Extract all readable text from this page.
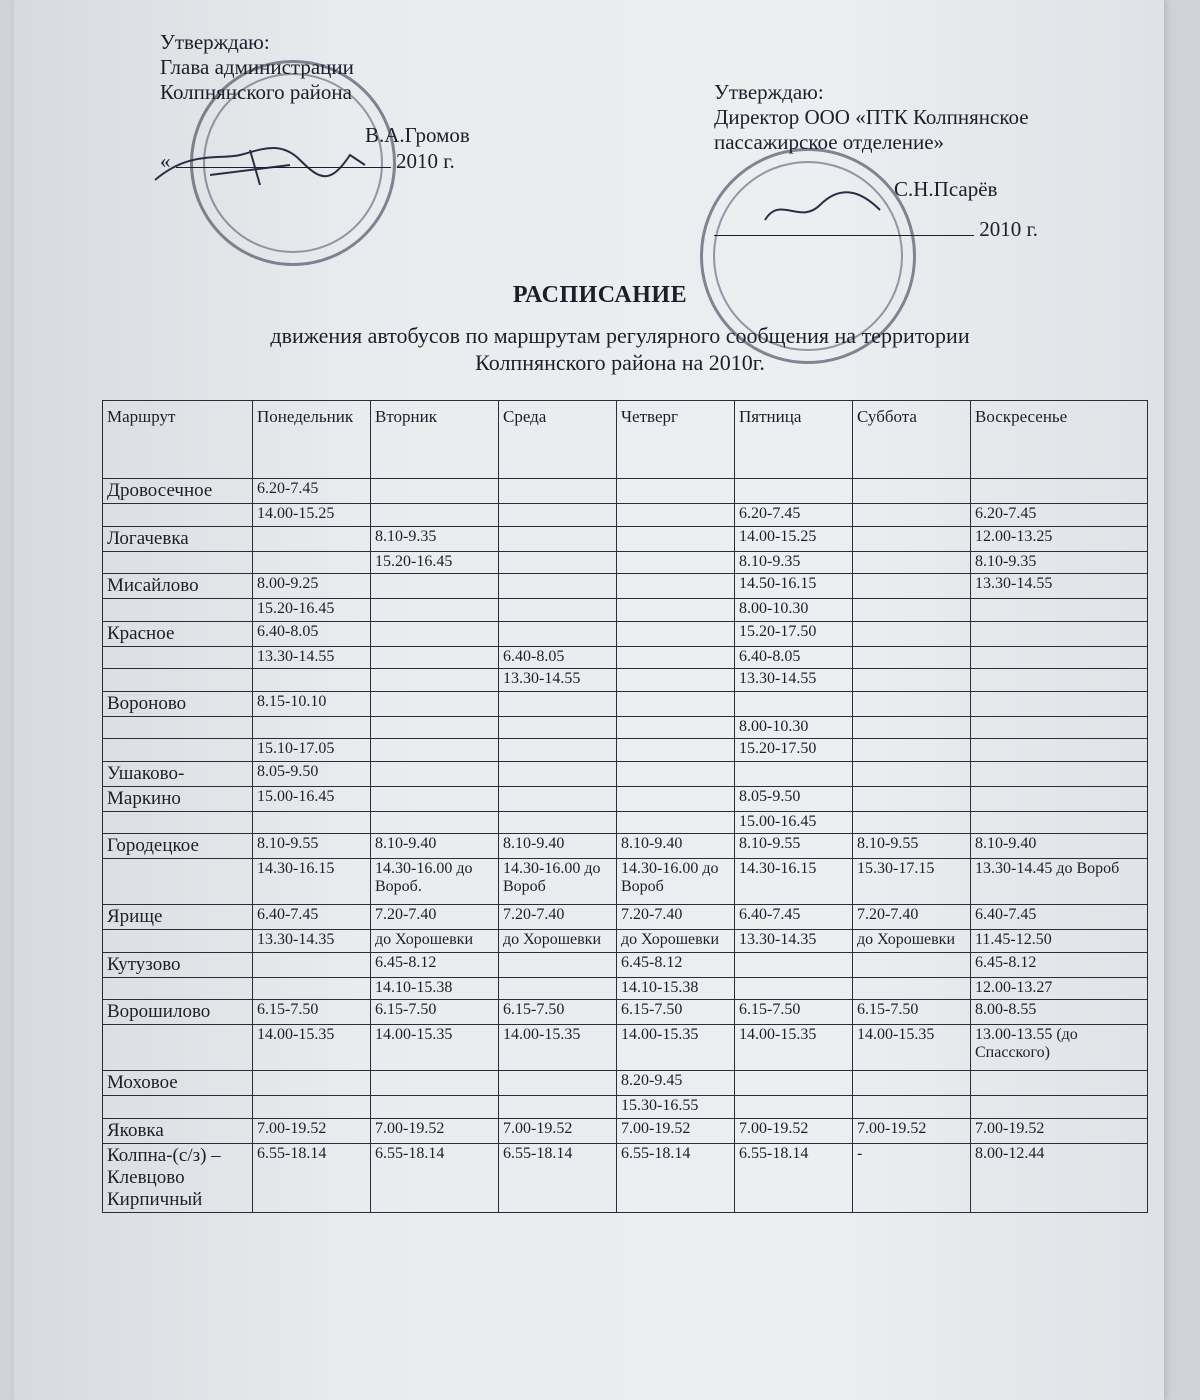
Утверждаю:
Глава администрации
Колпнянского района
В.А.Громов
«	2010 г.
Утверждаю:
Директор ООО «ПТК Колпнянское
пассажирское отделение»
С.Н.Псарёв
2010 г.
РАСПИСАНИЕ
движения автобусов по маршрутам регулярного сообщения на территории
Колпнянского района на 2010г.
Маршрут	Понедельник	Вторник	Среда	Четверг	Пятница	Суббота	Воскресенье
Дровосечное	6.20-7.45						
	14.00-15.25				6.20-7.45		6.20-7.45
Логачевка		8.10-9.35			14.00-15.25		12.00-13.25
		15.20-16.45			8.10-9.35		8.10-9.35
Мисайлово	8.00-9.25				14.50-16.15		13.30-14.55
	15.20-16.45				8.00-10.30		
Красное	6.40-8.05				15.20-17.50		
	13.30-14.55		6.40-8.05		6.40-8.05		
			13.30-14.55		13.30-14.55		
Вороново	8.15-10.10						
					8.00-10.30		
	15.10-17.05				15.20-17.50		
Ушаково-	8.05-9.50						
Маркино	15.00-16.45				8.05-9.50		
					15.00-16.45		
Городецкое	8.10-9.55	8.10-9.40	8.10-9.40	8.10-9.40	8.10-9.55	8.10-9.55	8.10-9.40
	14.30-16.15	14.30-16.00 до Вороб.	14.30-16.00 до Вороб	14.30-16.00 до Вороб	14.30-16.15	15.30-17.15	13.30-14.45 до Вороб
Ярище	6.40-7.45	7.20-7.40	7.20-7.40	7.20-7.40	6.40-7.45	7.20-7.40	6.40-7.45
	13.30-14.35	до Хорошевки	до Хорошевки	до Хорошевки	13.30-14.35	до Хорошевки	11.45-12.50
Кутузово		6.45-8.12		6.45-8.12			6.45-8.12
		14.10-15.38		14.10-15.38			12.00-13.27
Ворошилово	6.15-7.50	6.15-7.50	6.15-7.50	6.15-7.50	6.15-7.50	6.15-7.50	8.00-8.55
	14.00-15.35	14.00-15.35	14.00-15.35	14.00-15.35	14.00-15.35	14.00-15.35	13.00-13.55 (до Спасского)
Моховое				8.20-9.45			
				15.30-16.55			
Яковка	7.00-19.52	7.00-19.52	7.00-19.52	7.00-19.52	7.00-19.52	7.00-19.52	7.00-19.52
Колпна-(с/з) –Клевцово Кирпичный	6.55-18.14	6.55-18.14	6.55-18.14	6.55-18.14	6.55-18.14	-	8.00-12.44
